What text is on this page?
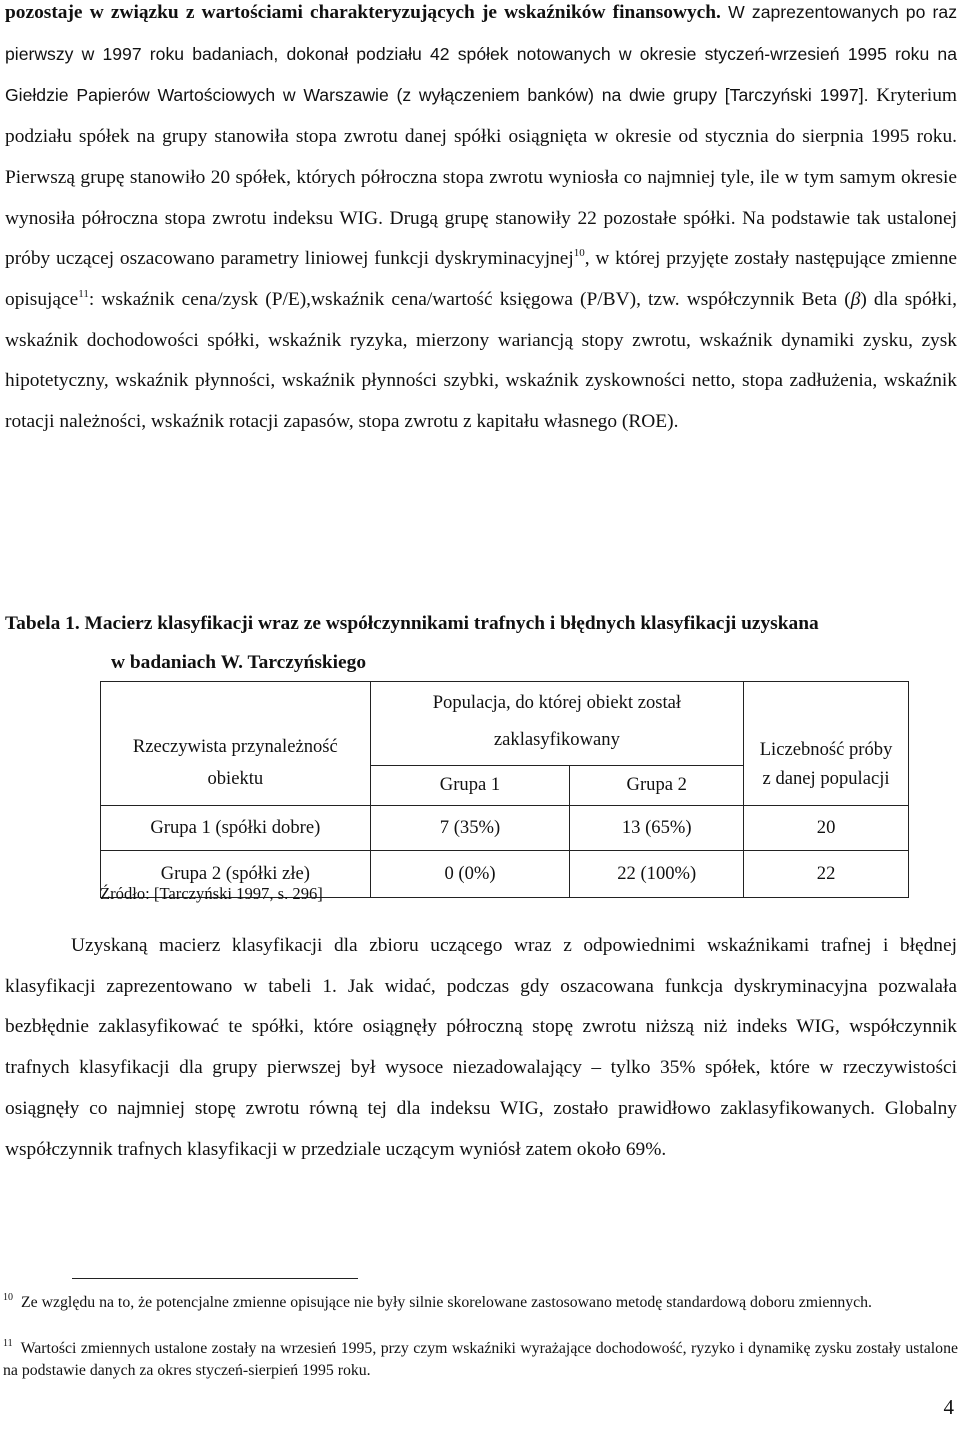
pozostaje w związku z wartościami charakteryzujących je wskaźników finansowych. W zaprezentowanych po raz pierwszy w 1997 roku badaniach, dokonał podziału 42 spółek notowanych w okresie styczeń-wrzesień 1995 roku na Giełdzie Papierów Wartościowych w Warszawie (z wyłączeniem banków) na dwie grupy [Tarczyński 1997]. Kryterium podziału spółek na grupy stanowiła stopa zwrotu danej spółki osiągnięta w okresie od stycznia do sierpnia 1995 roku. Pierwszą grupę stanowiło 20 spółek, których półroczna stopa zwrotu wyniosła co najmniej tyle, ile w tym samym okresie wynosiła półroczna stopa zwrotu indeksu WIG. Drugą grupę stanowiły 22 pozostałe spółki. Na podstawie tak ustalonej próby uczącej oszacowano parametry liniowej funkcji dyskryminacyjnej$^{10}$, w której przyjęte zostały następujące zmienne opisujące$^{11}$: wskaźnik cena/zysk (P/E),wskaźnik cena/wartość księgowa (P/BV), tzw. współczynnik Beta (β) dla spółki, wskaźnik dochodowości spółki, wskaźnik ryzyka, mierzony wariancją stopy zwrotu, wskaźnik dynamiki zysku, zysk hipotetyczny, wskaźnik płynności, wskaźnik płynności szybki, wskaźnik zyskowności netto, stopa zadłużenia, wskaźnik rotacji należności, wskaźnik rotacji zapasów, stopa zwrotu z kapitału własnego (ROE).

Tabela 1. Macierz klasyfikacji wraz ze współczynnikami trafnych i błędnych klasyfikacji uzyskana
w badaniach W. Tarczyńskiego

Rzeczywista przynależność	Populacja, do której obiekt został zaklasyfikowany		Liczebność próby
obiektu	Grupa 1	Grupa 2	z danej populacji
Grupa 1 (spółki dobre)	7 (35%)	13 (65%)	20
Grupa 2 (spółki złe)	0 (0%)	22 (100%)	22

Źródło: [Tarczyński 1997, s. 296]

Uzyskaną macierz klasyfikacji dla zbioru uczącego wraz z odpowiednimi wskaźnikami trafnej i błędnej klasyfikacji zaprezentowano w tabeli 1. Jak widać, podczas gdy oszacowana funkcja dyskryminacyjna pozwalała bezbłędnie zaklasyfikować te spółki, które osiągnęły półroczną stopę zwrotu niższą niż indeks WIG, współczynnik trafnych klasyfikacji dla grupy pierwszej był wysoce niezadowalający – tylko 35% spółek, które w rzeczywistości osiągnęły co najmniej stopę zwrotu równą tej dla indeksu WIG, zostało prawidłowo zaklasyfikowanych. Globalny współczynnik trafnych klasyfikacji w przedziale uczącym wyniósł zatem około 69%.

$^{10}$ Ze względu na to, że potencjalne zmienne opisujące nie były silnie skorelowane zastosowano metodę standardową doboru zmiennych.

$^{11}$ Wartości zmiennych ustalone zostały na wrzesień 1995, przy czym wskaźniki wyrażające dochodowość, ryzyko i dynamikę zysku zostały ustalone na podstawie danych za okres styczeń-sierpień 1995 roku.

4
